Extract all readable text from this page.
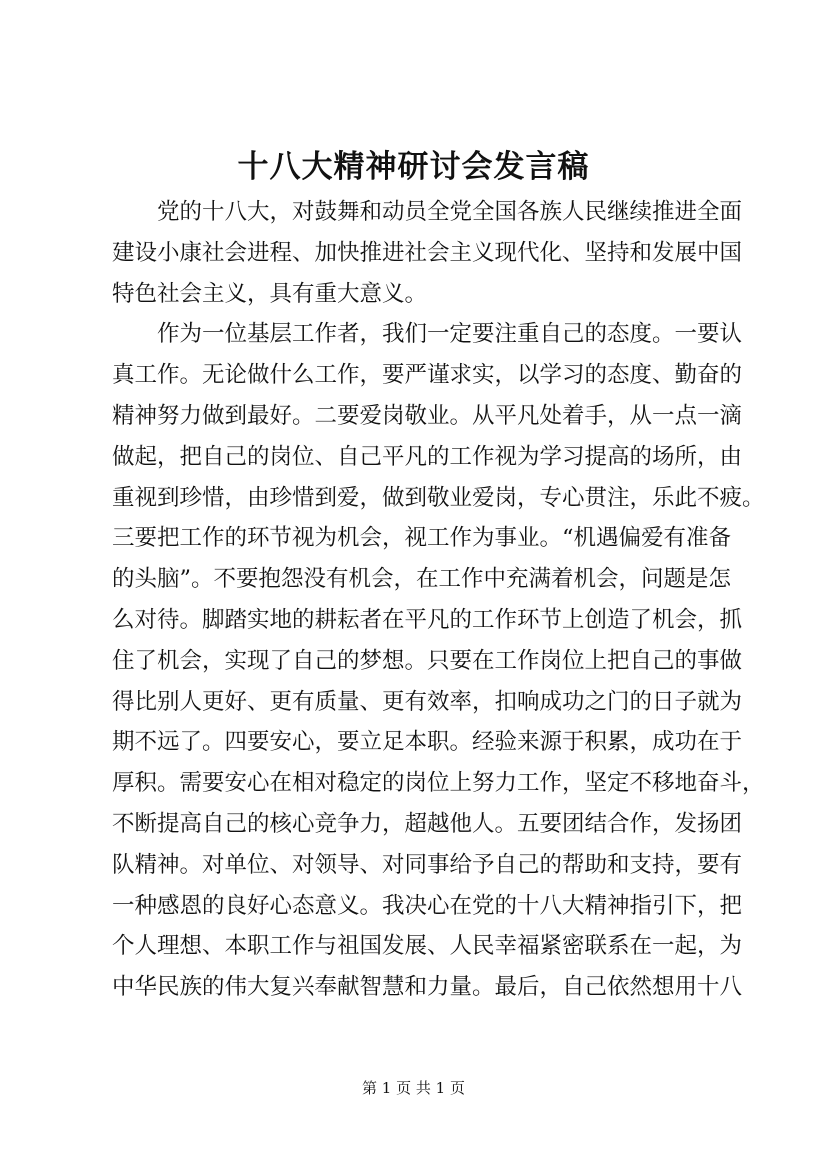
十八大精神研讨会发言稿
　　党的十八大，对鼓舞和动员全党全国各族人民继续推进全面
建设小康社会进程、加快推进社会主义现代化、坚持和发展中国
特色社会主义，具有重大意义。
　　作为一位基层工作者，我们一定要注重自己的态度。一要认
真工作。无论做什么工作，要严谨求实，以学习的态度、勤奋的
精神努力做到最好。二要爱岗敬业。从平凡处着手，从一点一滴
做起，把自己的岗位、自己平凡的工作视为学习提高的场所，由
重视到珍惜，由珍惜到爱，做到敬业爱岗，专心贯注，乐此不疲。
三要把工作的环节视为机会，视工作为事业。“机遇偏爱有准备
的头脑”。不要抱怨没有机会，在工作中充满着机会，问题是怎
么对待。脚踏实地的耕耘者在平凡的工作环节上创造了机会，抓
住了机会，实现了自己的梦想。只要在工作岗位上把自己的事做
得比别人更好、更有质量、更有效率，扣响成功之门的日子就为
期不远了。四要安心，要立足本职。经验来源于积累，成功在于
厚积。需要安心在相对稳定的岗位上努力工作，坚定不移地奋斗，
不断提高自己的核心竞争力，超越他人。五要团结合作，发扬团
队精神。对单位、对领导、对同事给予自己的帮助和支持，要有
一种感恩的良好心态意义。我决心在党的十八大精神指引下，把
个人理想、本职工作与祖国发展、人民幸福紧密联系在一起，为
中华民族的伟大复兴奉献智慧和力量。最后，自己依然想用十八
第 1 页 共 1 页
